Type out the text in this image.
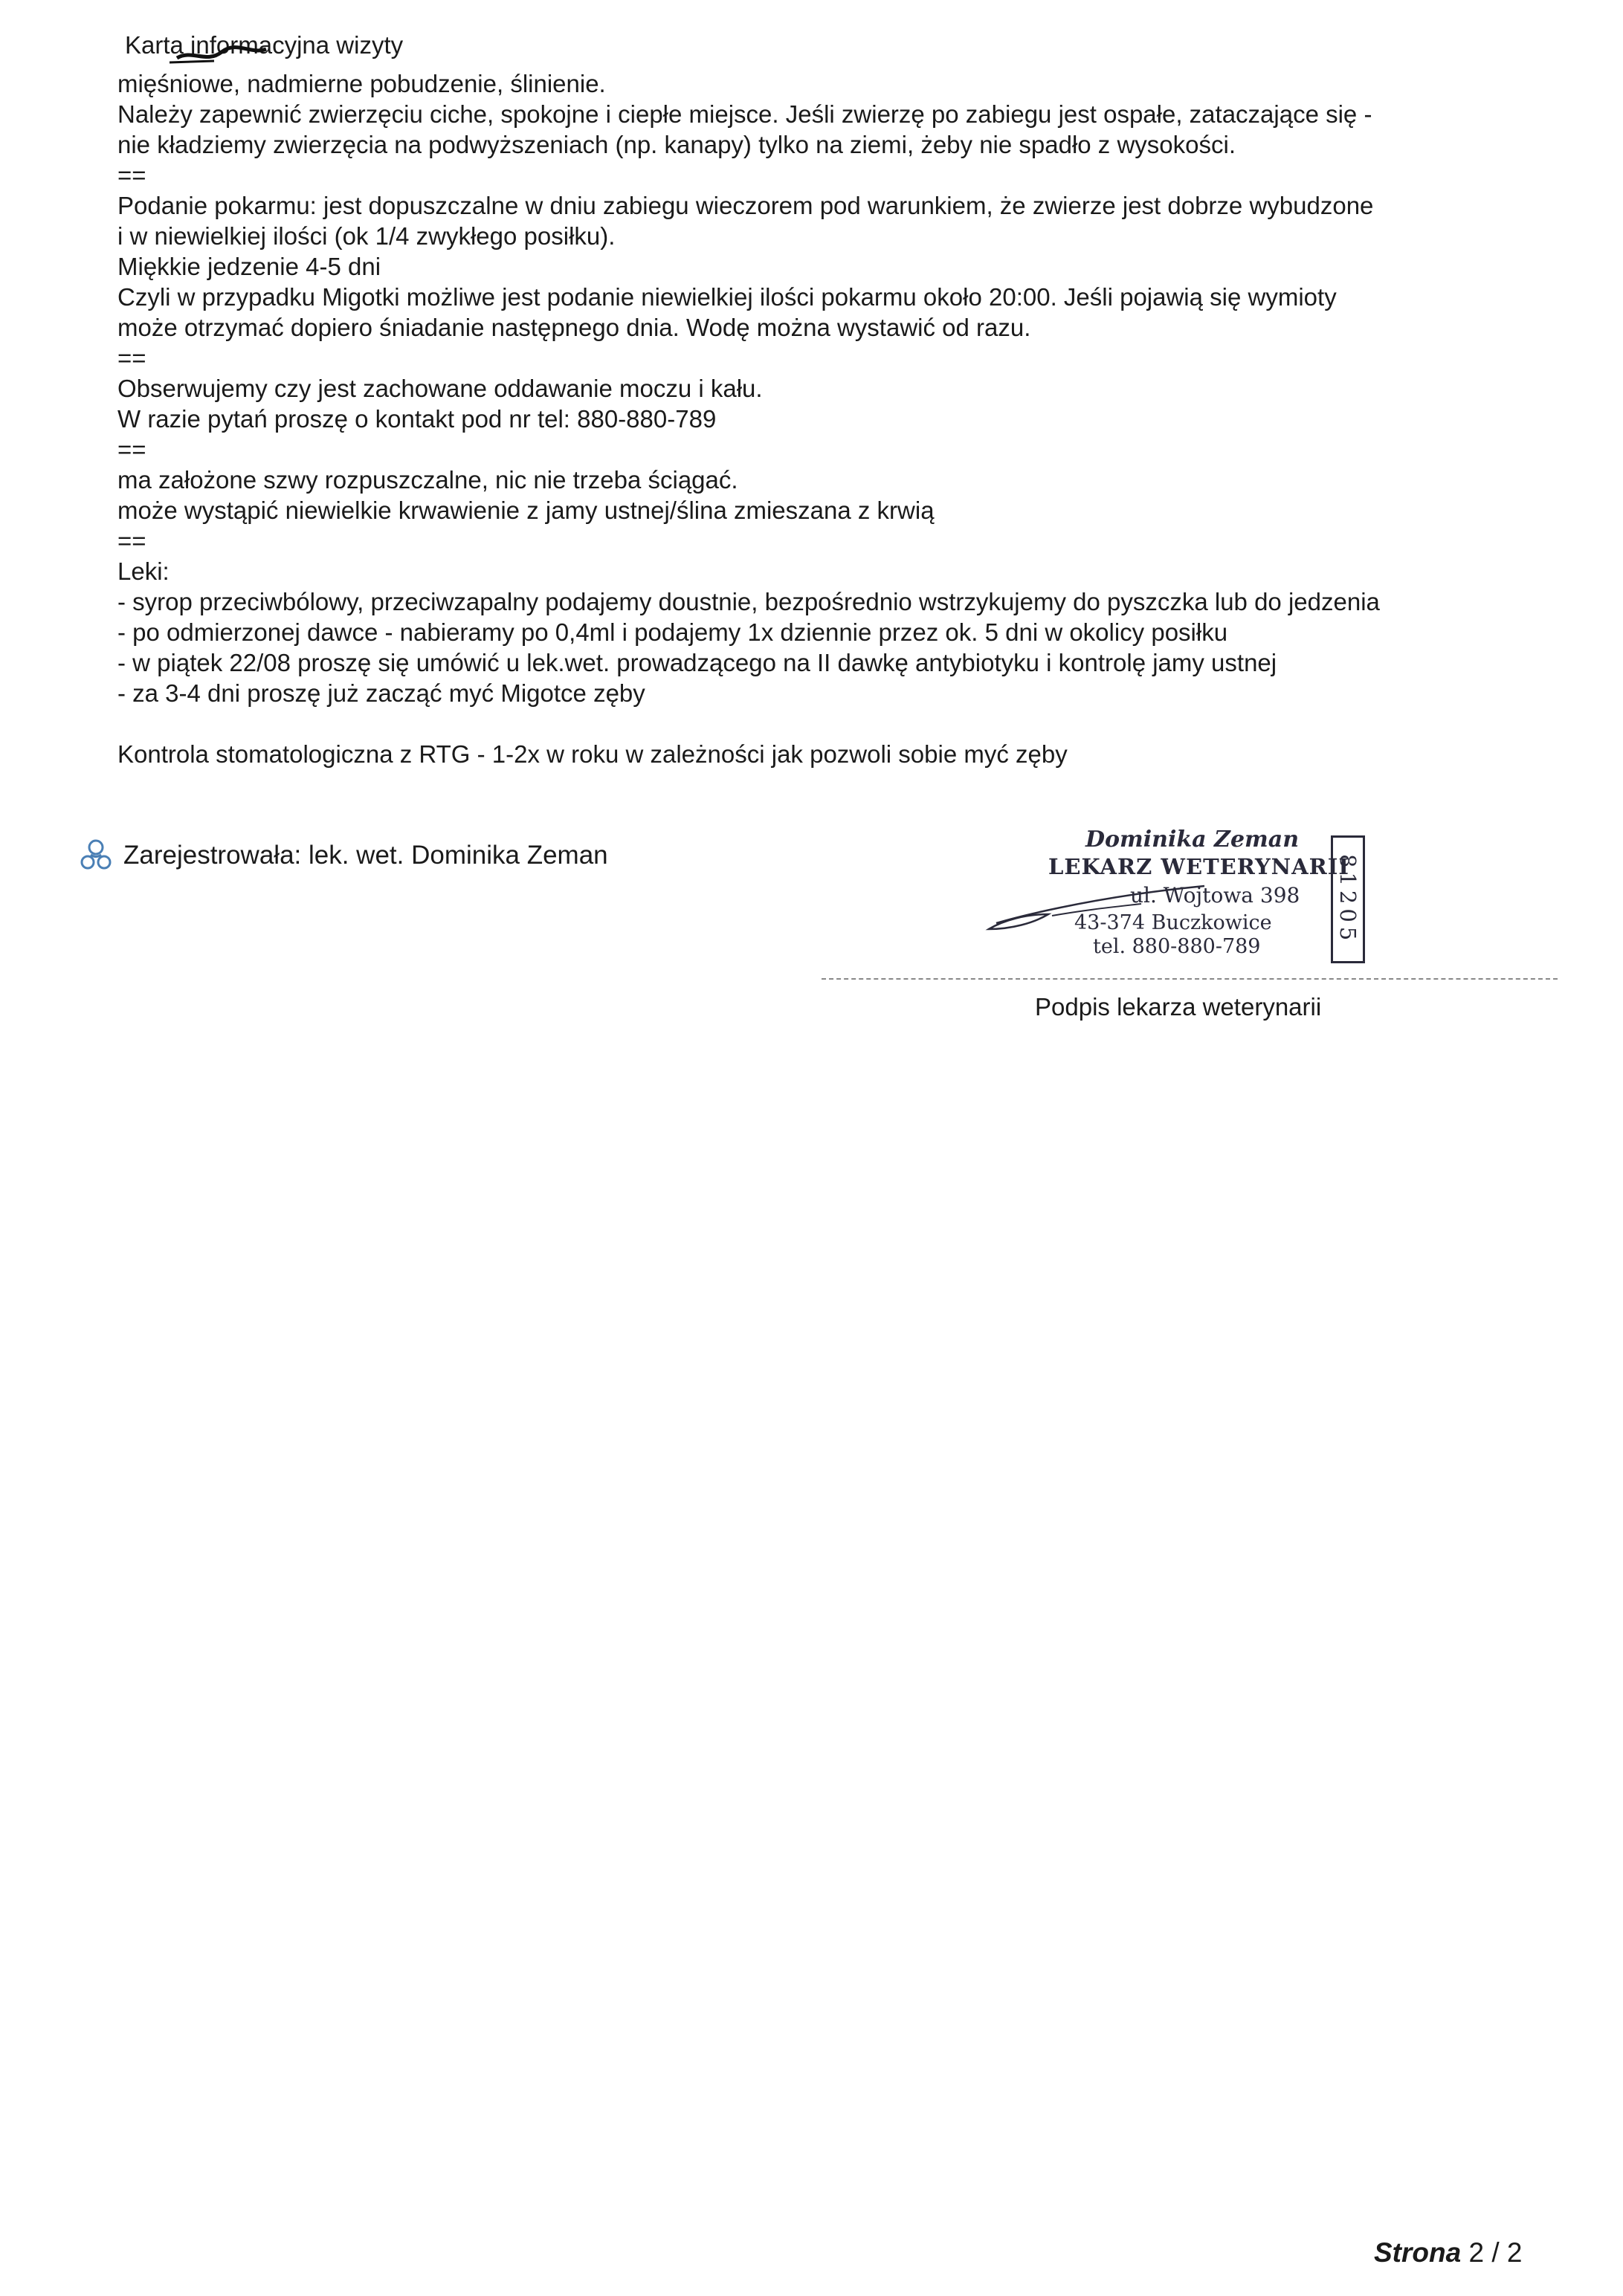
Karta informacyjna wizyty

mięśniowe, nadmierne pobudzenie, ślinienie.

Należy zapewnić zwierzęciu ciche, spokojne i ciepłe miejsce. Jeśli zwierzę po zabiegu jest ospałe, zataczające się -

nie kładziemy zwierzęcia na podwyższeniach (np. kanapy) tylko na ziemi, żeby nie spadło z wysokości.

==

Podanie pokarmu: jest dopuszczalne w dniu zabiegu wieczorem pod warunkiem, że zwierze jest dobrze wybudzone

i w niewielkiej ilości (ok 1/4 zwykłego posiłku).

Miękkie jedzenie 4-5 dni

Czyli w przypadku Migotki możliwe jest podanie niewielkiej ilości pokarmu około 20:00. Jeśli pojawią się wymioty

może otrzymać dopiero śniadanie następnego dnia. Wodę można wystawić od razu.

==

Obserwujemy czy jest zachowane oddawanie moczu i kału.

W razie pytań proszę o kontakt pod nr tel: 880-880-789

==

ma założone szwy rozpuszczalne, nic nie trzeba ściągać.

może wystąpić niewielkie krwawienie z jamy ustnej/ślina zmieszana z krwią

==

Leki:

- syrop przeciwbólowy, przeciwzapalny podajemy doustnie, bezpośrednio wstrzykujemy do pyszczka lub do jedzenia

- po odmierzonej dawce - nabieramy po 0,4ml i podajemy 1x dziennie przez ok. 5 dni w okolicy posiłku

- w piątek 22/08 proszę się umówić u lek.wet. prowadzącego na II dawkę antybiotyku i kontrolę jamy ustnej

- za 3-4 dni proszę już zacząć myć Migotce zęby

Kontrola stomatologiczna z RTG - 1-2x w roku w zależności jak pozwoli sobie myć zęby

Zarejestrowała: lek. wet. Dominika Zeman
Dominika Zeman
LEKARZ WETERYNARII
ul. Wojtowa 398
43-374 Buczkowice
tel. 880-880-789
81205
Podpis lekarza weterynarii
Strona 2 / 2
